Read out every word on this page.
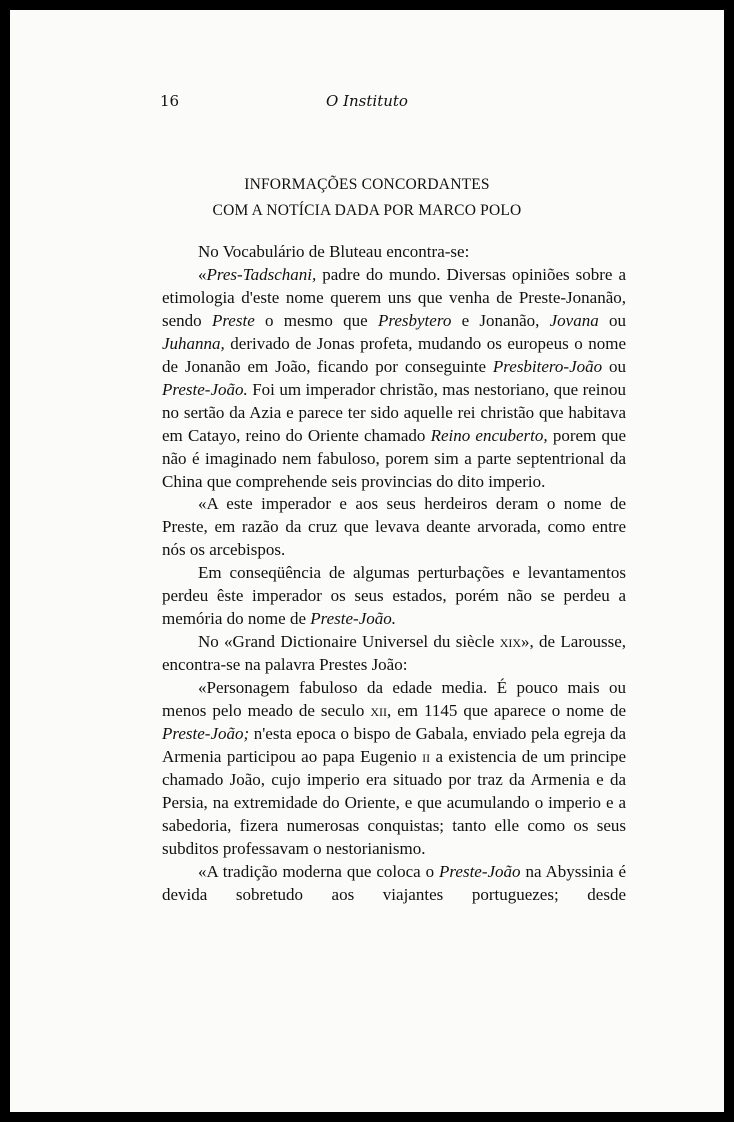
16	O Instituto
INFORMAÇÕES CONCORDANTES
COM A NOTÍCIA DADA POR MARCO POLO

No Vocabulário de Bluteau encontra-se:

«Pres-Tadschani, padre do mundo. Diversas opiniões sobre a etimologia d'este nome querem uns que venha de Preste-Jonanão, sendo Preste o mesmo que Presbytero e Jonanão, Jovana ou Juhanna, derivado de Jonas profeta, mudando os europeus o nome de Jonanão em João, ficando por conseguinte Presbitero-João ou Preste-João. Foi um imperador christão, mas nestoriano, que reinou no sertão da Azia e parece ter sido aquelle rei christão que habitava em Catayo, reino do Oriente chamado Reino encuberto, porem que não é imaginado nem fabuloso, porem sim a parte septentrional da China que comprehende seis provincias do dito imperio.

«A este imperador e aos seus herdeiros deram o nome de Preste, em razão da cruz que levava deante arvorada, como entre nós os arcebispos.

Em conseqüência de algumas perturbações e levantamentos perdeu êste imperador os seus estados, porém não se perdeu a memória do nome de Preste-João.

No «Grand Dictionaire Universel du siècle xix», de Larousse, encontra-se na palavra Prestes João:

«Personagem fabuloso da edade media. É pouco mais ou menos pelo meado de seculo xii, em 1145 que aparece o nome de Preste-João; n'esta epoca o bispo de Gabala, enviado pela egreja da Armenia participou ao papa Eugenio ii a existencia de um principe chamado João, cujo imperio era situado por traz da Armenia e da Persia, na extremidade do Oriente, e que acumulando o imperio e a sabedoria, fizera numerosas conquistas; tanto elle como os seus subditos professavam o nestorianismo.

«A tradição moderna que coloca o Preste-João na Abyssinia é devida sobretudo aos viajantes portuguezes; desde
